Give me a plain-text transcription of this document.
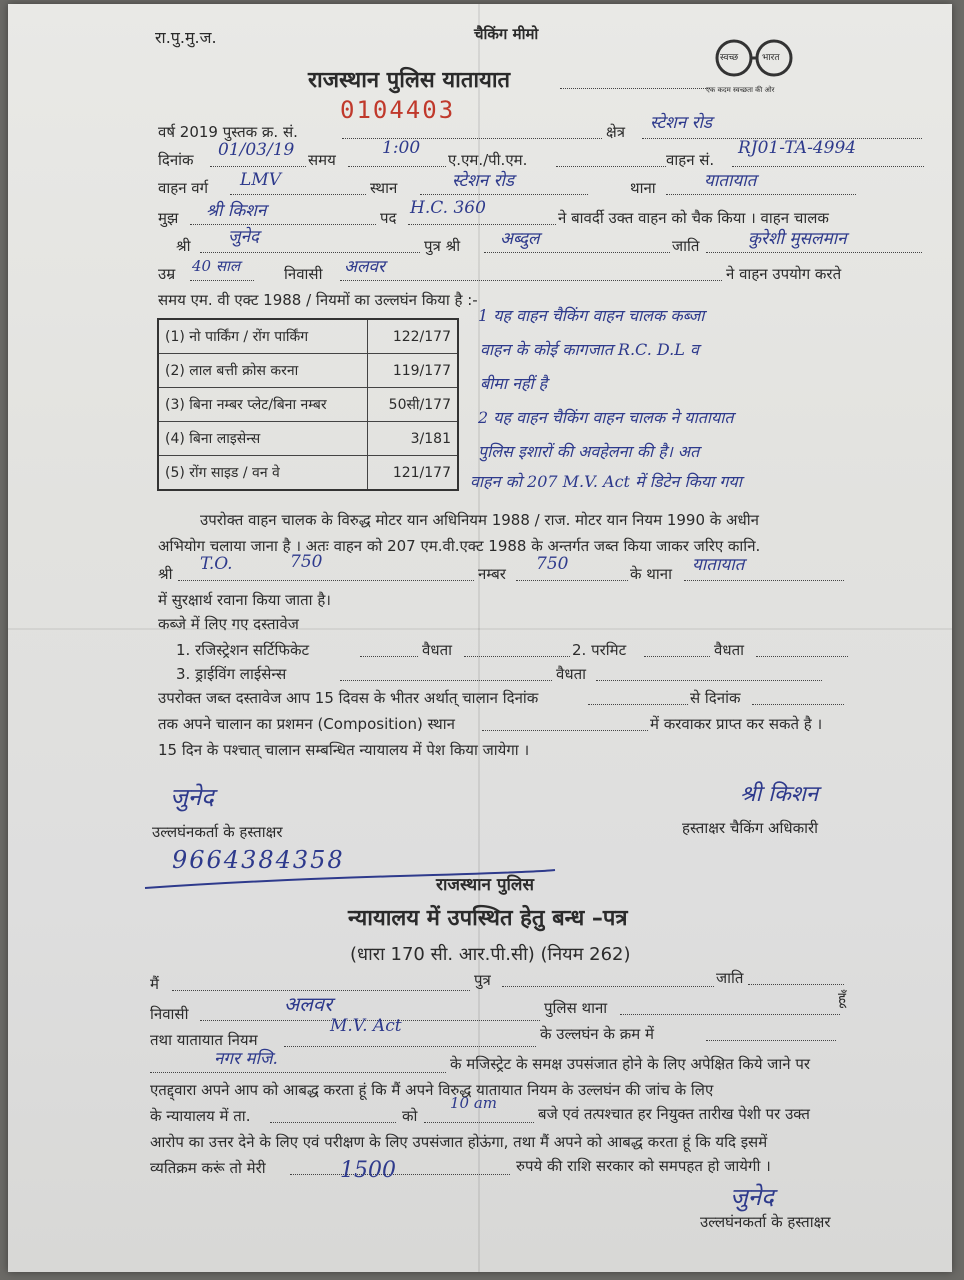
रा.पु.मु.ज.	चैकिंग मीमो
राजस्थान पुलिस यातायात
स्वच्छ	भारत
एक कदम स्वच्छता की ओर
0104403
वर्ष 2019 पुस्तक क्र. सं.	क्षेत्र स्टेशन रोड
दिनांक 01/03/19 समय
1:00
ए.एम./पी.एम.	वाहन सं.
RJ01-TA-4994
वाहन वर्ग LMV	स्थान	स्टेशन रोड	थाना	यातायात
मुझ श्री किशन	पद H.C. 360	ने बावर्दी उक्त वाहन को चैक किया । वाहन चालक
श्री जुनेद	पुत्र श्री अब्दुल	जाति	कुरेशी मुसलमान
उम्र 40 साल	निवासी अलवर	ने वाहन उपयोग करते
समय एम. वी एक्ट 1988 / नियमों का उल्लघंन किया है :-
(1) नो पार्किंग / रोंग पार्किंग	122/177
(2) लाल बत्ती क्रोस करना	119/177
(3) बिना नम्बर प्लेट/बिना नम्बर	50सी/177
(4) बिना लाइसेन्स	3/181
(5) रोंग साइड / वन वे	121/177
1 यह वाहन चैकिंग वाहन चालक कब्जा
वाहन के कोई कागजात R.C. D.L व
बीमा नहीं है
2 यह वाहन चैकिंग वाहन चालक ने यातायात
पुलिस इशारों की अवहेलना की है। अत
वाहन को 207 M.V. Act में डिटेन किया गया
उपरोक्त वाहन चालक के विरुद्ध मोटर यान अधिनियम 1988 / राज. मोटर यान नियम 1990 के अधीन
अभियोग चलाया जाना है । अतः वाहन को 207 एम.वी.एक्ट 1988 के अन्तर्गत जब्त किया जाकर जरिए कानि.
श्री T.O.	750
नम्बर 750	के थाना यातायात
में सुरक्षार्थ रवाना किया जाता है।
कब्जे में लिए गए दस्तावेज
1. रजिस्ट्रेशन सर्टिफिकेट	वैधता	2. परमिट	वैधता
3. ड्राईविंग लाईसेन्स	वैधता
उपरोक्त जब्त दस्तावेज आप 15 दिवस के भीतर अर्थात् चालान दिनांक	से दिनांक
तक अपने चालान का प्रशमन (Composition) स्थान	में करवाकर प्राप्त कर सकते है ।
15 दिन के पश्चात् चालान सम्बन्धित न्यायालय में पेश किया जायेगा ।
जुनेद	श्री किशन
उल्लघंनकर्ता के हस्ताक्षर	हस्ताक्षर चैकिंग अधिकारी
9664384358
राजस्थान पुलिस
न्यायालय में उपस्थित हेतु बन्ध –पत्र
(धारा 170 सी. आर.पी.सी) (नियम 262)
मैं	पुत्र	जाति
निवासी	अलवर	पुलिस थाना
हूँ
तथा यातायात नियम
M.V. Act	के उल्लघंन के क्रम में
नगर मजि.	के मजिस्ट्रेट के समक्ष उपसंजात होने के लिए अपेक्षित किये जाने पर
एतद्द्वारा अपने आप को आबद्ध करता हूं कि मैं अपने विरुद्ध यातायात नियम के उल्लघंन की जांच के लिए
के न्यायालय में ता.	को
10 am
बजे एवं तत्पश्चात हर नियुक्त तारीख पेशी पर उक्त
आरोप का उत्तर देने के लिए एवं परीक्षण के लिए उपसंजात होऊंगा, तथा मैं अपने को आबद्ध करता हूं कि यदि इसमें
व्यतिक्रम करूं तो मेरी	1500	रुपये की राशि सरकार को समपहत हो जायेगी ।
जुनेद
उल्लघंनकर्ता के हस्ताक्षर
